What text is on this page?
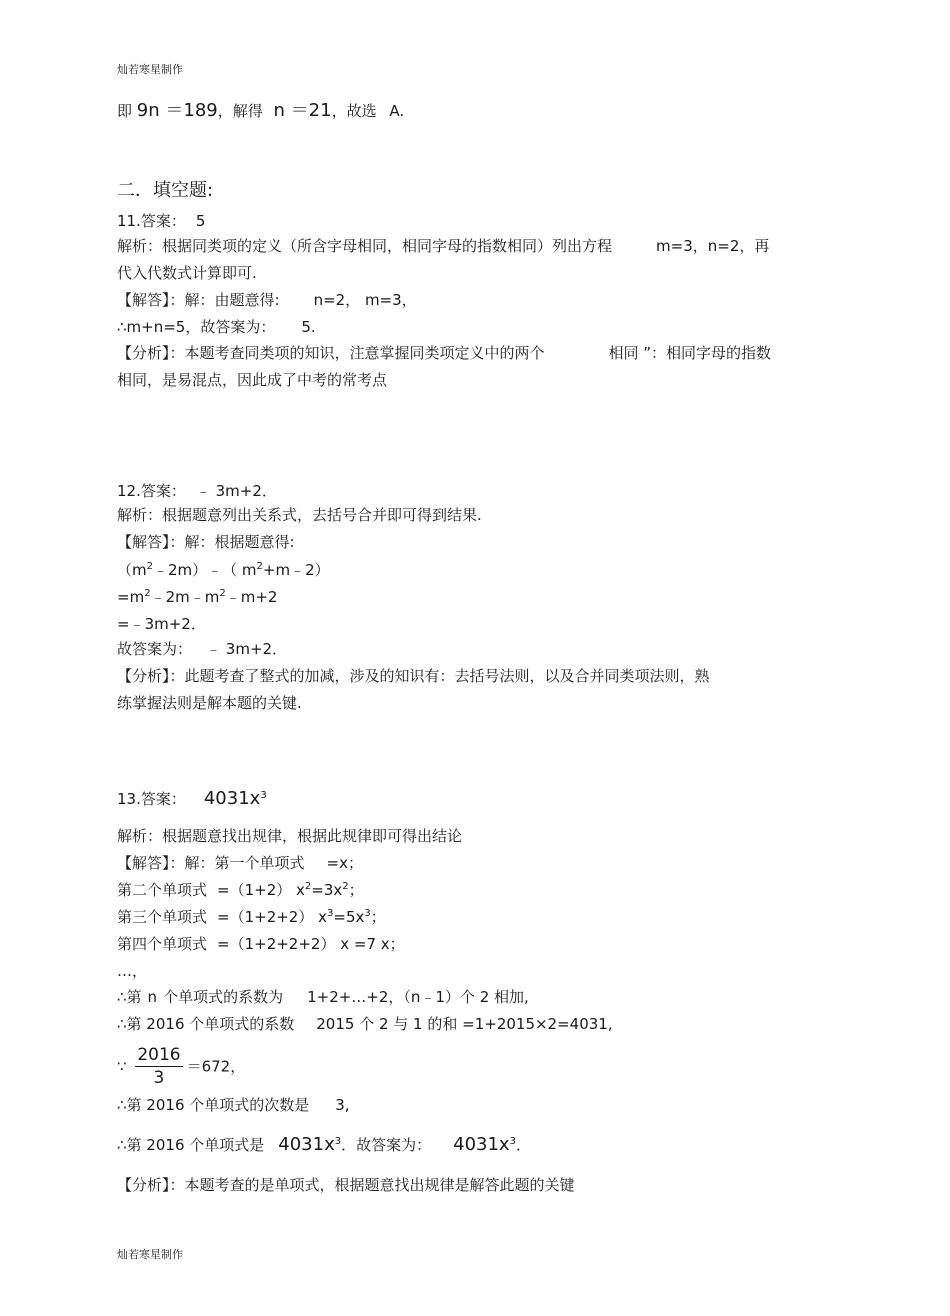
灿若寒星制作
即 9n ＝189，解得 n ＝21，故选 A.
二．填空题:
11.答案： 5
解析：根据同类项的定义（所含字母相同，相同字母的指数相同）列出方程	m=3，n=2，再
代入代数式计算即可.
【解答】：解：由题意得: n=2， m=3，
∴m+n=5，故答案为： 5.
【分析】：本题考查同类项的知识，注意掌握同类项定义中的两个	相同 ”：相同字母的指数
相同，是易混点，因此成了中考的常考点
12.答案： ﹣ 3m+2．
解析：根据题意列出关系式，去括号合并即可得到结果.
【解答】：解：根据题意得:
$(m^2﹣2m)﹣$（ $m^2+m﹣2$）
$=m^2﹣2m﹣m^2﹣m+2$
=﹣3m+2．
故答案为： ﹣ 3m+2．
【分析】：此题考查了整式的加减，涉及的知识有：去括号法则，以及合并同类项法则，熟
练掌握法则是解本题的关键.
13.答案： $4031x^3$
解析：根据题意找出规律，根据此规律即可得出结论
【解答】：解：第一个单项式 =x；
第二个单项式 =（1+2） $x^2=3x^2$；
第三个单项式 =（1+2+2） $x^3=5x^3$；
第四个单项式 =（1+2+2+2） x =7 x；
…，
∴第 n 个单项式的系数为 1+2+…+2，（n﹣1）个 2 相加,
∴第 2016 个单项式的系数 2015 个 2 与 1 的和 =1+2015×2=4031,
∵ $\frac{2016}{3} =672$，
∴第 2016 个单项式的次数是 3,
∴第 2016 个单项式是 $4031x^3$．故答案为： $4031x^3$．
【分析】：本题考查的是单项式，根据题意找出规律是解答此题的关键
灿若寒星制作
